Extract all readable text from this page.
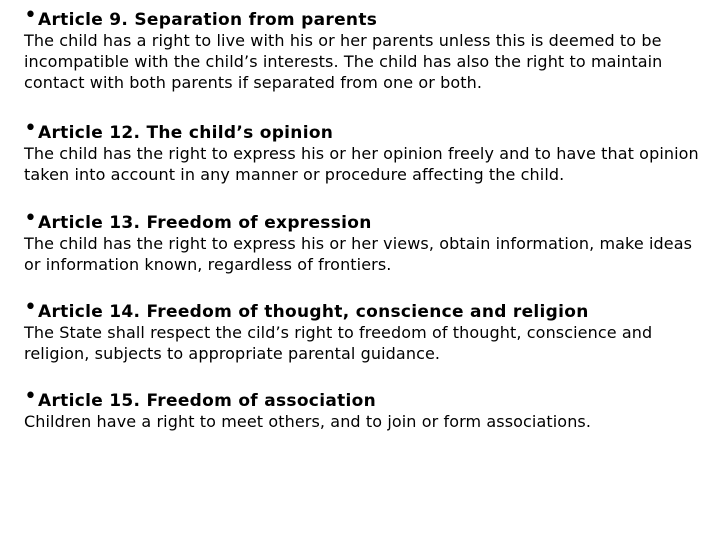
• Article 9. Separation from parents
The child has a right to live with his or her parents unless this is deemed to be
incompatible with the child’s interests. The child has also the right to maintain
contact with both parents if separated from one or both.
• Article 12. The child’s opinion
The child has the right to express his or her opinion freely and to have that opinion
taken into account in any manner or procedure affecting the child.
• Article 13. Freedom of expression
The child has the right to express his or her views, obtain information, make ideas
or information known, regardless of frontiers.
• Article 14. Freedom of thought, conscience and religion
The State shall respect the cild’s right to freedom of thought, conscience and
religion, subjects to appropriate parental guidance.
• Article 15. Freedom of association
Children have a right to meet others, and to join or form associations.
